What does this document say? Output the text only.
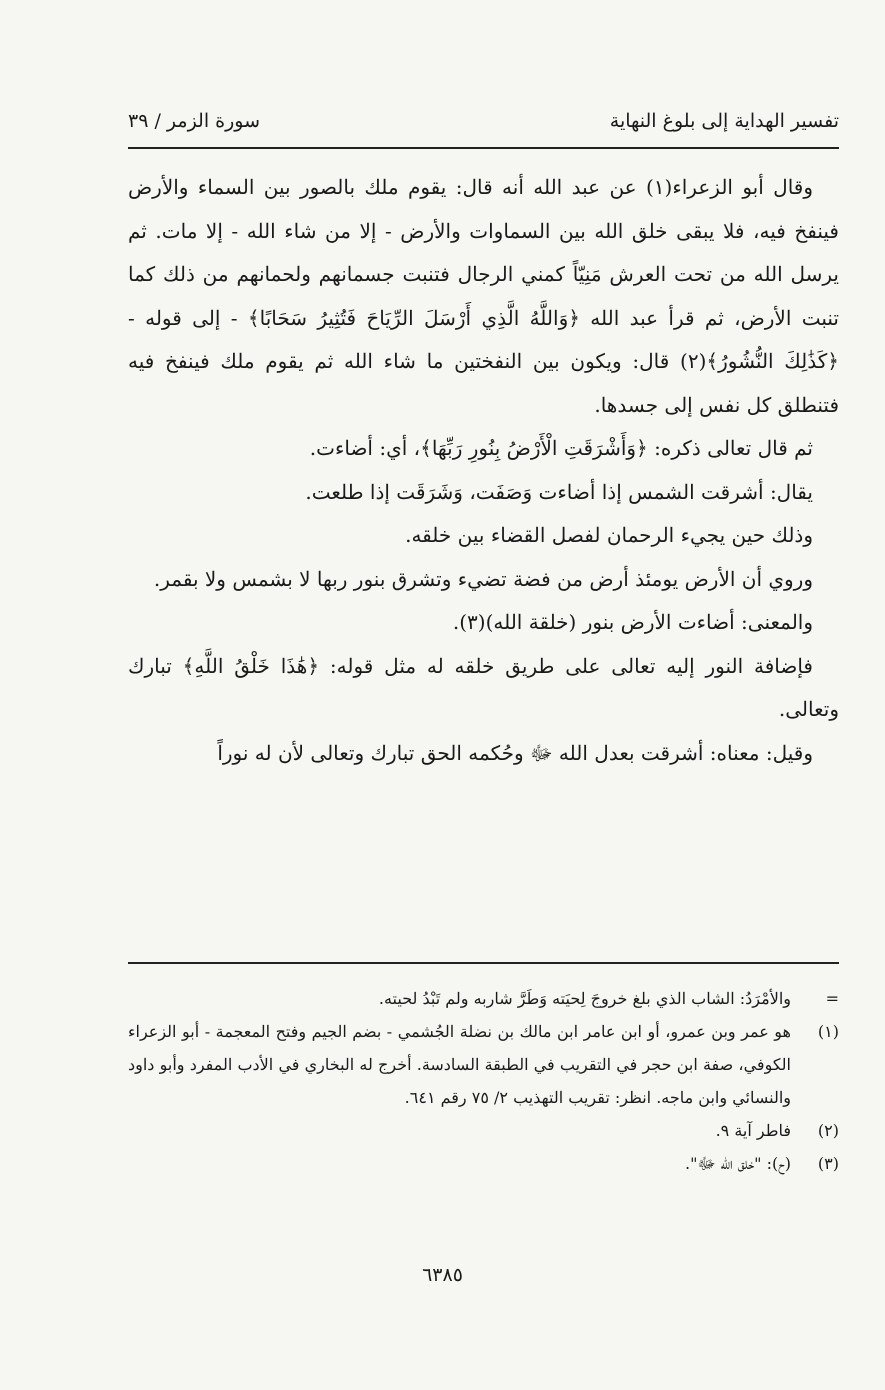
تفسير الهداية إلى بلوغ النهاية
سورة الزمر / ٣٩

وقال أبو الزعراء(١) عن عبد الله أنه قال: يقوم ملك بالصور بين السماء والأرض فينفخ فيه، فلا يبقى خلق الله بين السماوات والأرض - إلا من شاء الله - إلا مات. ثم يرسل الله من تحت العرش مَنِيّاً كمني الرجال فتنبت جسمانهم ولحمانهم من ذلك كما تنبت الأرض، ثم قرأ عبد الله ﴿وَاللَّهُ الَّذِي أَرْسَلَ الرِّيَاحَ فَتُثِيرُ سَحَابًا﴾ - إلى قوله - ﴿كَذَٰلِكَ النُّشُورُ﴾(٢) قال: ويكون بين النفختين ما شاء الله ثم يقوم ملك فينفخ فيه فتنطلق كل نفس إلى جسدها.

ثم قال تعالى ذكره: ﴿وَأَشْرَقَتِ الْأَرْضُ بِنُورِ رَبِّهَا﴾، أي: أضاءت.

يقال: أشرقت الشمس إذا أضاءت وَصَفَت، وَشَرَقَت إذا طلعت.

وذلك حين يجيء الرحمان لفصل القضاء بين خلقه.

وروي أن الأرض يومئذ أرض من فضة تضيء وتشرق بنور ربها لا بشمس ولا بقمر.

والمعنى: أضاءت الأرض بنور (خلقة الله)(٣).

فإضافة النور إليه تعالى على طريق خلقه له مثل قوله: ﴿هَٰذَا خَلْقُ اللَّهِ﴾ تبارك وتعالى.

وقيل: معناه: أشرقت بعدل الله ﷻ وحُكمه الحق تبارك وتعالى لأن له نوراً

=
والأمْرَدُ: الشاب الذي بلغ خروجَ لِحيَته وَطَرَّ شاربه ولم تَبْدُ لحيته.
(١)
هو عمر وبن عمرو، أو ابن عامر ابن مالك بن نضلة الجُشمي - بضم الجيم وفتح المعجمة - أبو الزعراء الكوفي، صفة ابن حجر في التقريب في الطبقة السادسة. أخرج له البخاري في الأدب المفرد وأبو داود والنسائي وابن ماجه. انظر: تقريب التهذيب ٢/ ٧٥ رقم ٦٤١.
(٢)
فاطر آية ٩.
(٣)
(ح): "خلق الله ﷻ".
٦٣٨٥
